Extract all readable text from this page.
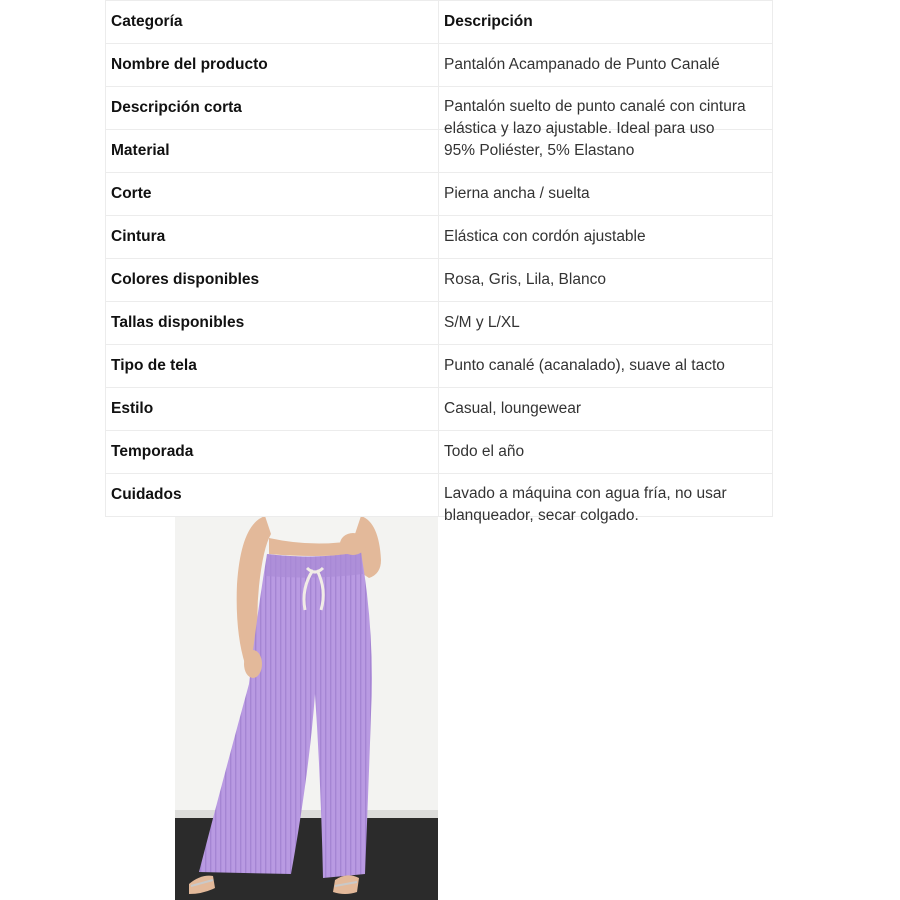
Categoría	Descripción
Nombre del producto	Pantalón Acampanado de Punto Canalé
Descripción corta	Pantalón suelto de punto canalé con cintura elástica y lazo ajustable. Ideal para uso

Material	95% Poliéster, 5% Elastano
Corte	Pierna ancha / suelta
Cintura	Elástica con cordón ajustable
Colores disponibles	Rosa, Gris, Lila, Blanco
Tallas disponibles	S/M y L/XL
Tipo de tela	Punto canalé (acanalado), suave al tacto
Estilo	Casual, loungewear
Temporada	Todo el año
Cuidados	Lavado a máquina con agua fría, no usar blanqueador, secar colgado.
